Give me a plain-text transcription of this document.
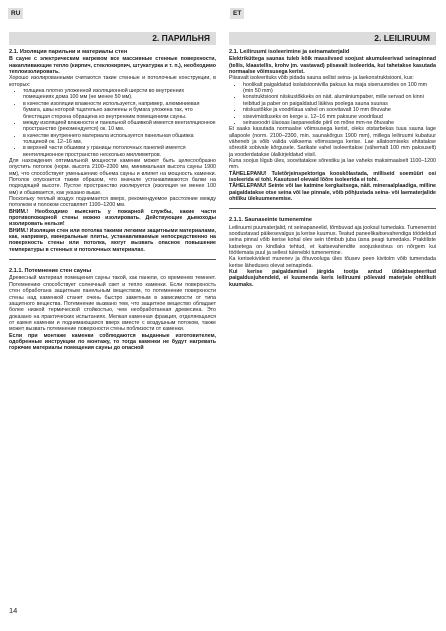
RU	ET
2. ПАРИЛЬНЯ
2.1. Изоляция парильни и материалы стен

В сауне с электрическим нагревом все массивные стенные поверхности, накапливающие тепло (кирпич, стеклокирпич, штукатурка и т. п.), необходимо теплоизолировать.

Хорошо изолированными считаются такие стенные и потолочные конструкции, в которых:

• толщина плотно уложенной изоляционной шерсти во внутренних помещениях дома 100 мм (не менее 50 мм).
• в качестве изоляции влажности используется, например, алюминиевая бумага, швы которой тщательно заклеены и бумага уложена так, что блестящая сторона обращена ко внутренним помещениям сауны.
• между изоляцией влажности и панельной обшивкой имеется вентиляционное пространство (рекомендуется) ок. 10 мм.
• в качестве внутреннего материала используется панельная обшивка толщиной ок. 12–16 мм.
• в верхней части обшивки у границы потолочных панелей имеется вентиляционное пространство несколько миллиметров.

Для нахождения оптимальной мощности каменки может быть целесообразно опустить потолок (норм. высота 2100–2300 мм, минимальная высота сауны 1900 мм), что способствует уменьшению объема сауны и влияет на мощность каменки. Потолок опускается таким образом, что вначале устанавливаются балки на подходящей высоте. Пустое пространство изолируется (изоляция не менее 100 мм) и обшивается, как указано выше.

Поскольку теплый воздух поднимается вверх, рекомендуемое расстояние между потолком и полоком составляет 1100–1200 мм.

ВНИМ.! Необходимо выяснить у пожарной службы, какие части противопожарной стены можно изолировать. Действующие дымоходы изолировать нельзя!

ВНИМ.! Изоляция стен или потолка такими легкими защитными материалами, как, например, минеральные плиты, устанавливаемые непосредственно на поверхность стены или потолка, могут вызвать опасное повышение температуры в стенных и потолочных материалах.

2.1.1. Потемнение стен сауны

Древесный материал помещения сауны такой, как панели, со временем темнеет. Потемнению способствует солнечный свет и тепло каменки. Если поверхность стен обработана защитным панельным веществом, то потемнение поверхности стены над каменкой станет очень быстро заметным в зависимости от типа защитного вещества. Потемнение вызвано тем, что защитное вещество обладает более низкой термической стойкостью, чем необработанная древесина. Это доказано на практических испытаниях. Мелкая каменная фракция, отделяющаяся от камня каменки и поднимающаяся вверх вместе с воздушным потоком, также может вызвать потемнение поверхности стены поблизости от каменки.

Если при монтаже каменки соблюдаются выданные изготовителем, одобренные инструкции по монтажу, то тогда каменки не будут нагревать горючие материалы помещения сауны до опасной

2. LEILIRUUM
2.1. Leiliruumi isoleerimine ja seinamaterjalid

Elektriküttega saunas tuleb kõik massiivsed soojust akumuleerivad seinapinnad (tellis, klaastellis, krohv jm. vastavad) piisavalt isoleerida, kui tahetakse kasutada normaalse võimsusega kerist.

Piisavalt isoleerituks võib pidada sauna sellist seina- ja laekonstruktsiooni, kus:

• hoolikalt paigaldatud isolatsioonivilla paksus ka maja siseruumides on 100 mm (min 50 mm)
• konstruktsiooni niiskustõkkeks on näit. alumiiniumpaber, mille servad on kinni teibitud ja paber on paigaldatud läikiva poolega sauna suunas
• niiskustõkke ja voodrilaua vahel on soovitavalt 10 mm õhuvahe
• sisevimistluseks on kerge u. 12–16 mm paksune voodrilaud
• seinavoodri ülaosas laepaneelide piiril on mõne mm-ne õhuvahe

Et saaks kasutada normaalse võimsusega kerist, oleks otstarbekas tuua sauna lage allapoole (norm. 2100–2300, min. saunakõrgus 1900 mm), millega leiliruumi kubatuur väheneb ja võib valida väiksema võimsusega kerise. Lae allatoomiseks ehitatakse sõrestik sobivale kõrgusele. Sarikate vahel isoleeritakse (vähemalt 100 mm paksuselt) ja vooderdatakse ülalkirjeldatud viisil.

Kuna soojus liigub üles, soovitatakse sõrestiku ja lae vaheks maksimaalselt 1100–1200 mm.

TÄHELEPANU! Tuletõrjeinspektoriga kooskõlastada, milliseid soemüüri osi isoleerida ei tohi. Kasutusel olevaid lõõre isoleerida ei tohi.

TÄHELEPANU! Seinte või lae katmine kergkaitsega, näit. mineraalplaadiga, milline paigaldatakse otse seina või lae pinnale, võib põhjustada seina- või laematerjalide ohtliku ülekuumenemise.

2.1.1. Saunaseinte tumenemine

Leiliruumi puumaterjalid, nt seinapaneelid, tõmbuvad aja jooksul tumedaks. Tumenemist soodustavad päikesevalgus ja kerise kuumus. Teatud paneelikaitsevahendiga töödeldud seina pinnal võib kerise kohal olev sein tõmbub juba üsna peagi tumedaks. Praktiliste katsetega on kindlaks tehtud, et kaitsevahendite soojuskestvus on nõrgem kui töötlemata puul ja sellest tulenebki tumenemine.

Ka kerisekividest murenev ja õhuvooluga üles tõusev peen kivitolm võib tumendada kerise läheduses olevat seinapinda.

Kui kerise paigaldamisel järgida tootja antud üldaktsepteeritud paigaldusjuhendeid, ei kuumenda keris leiliruumi põlevaid materjale ohtlikult kuumaks.

14
